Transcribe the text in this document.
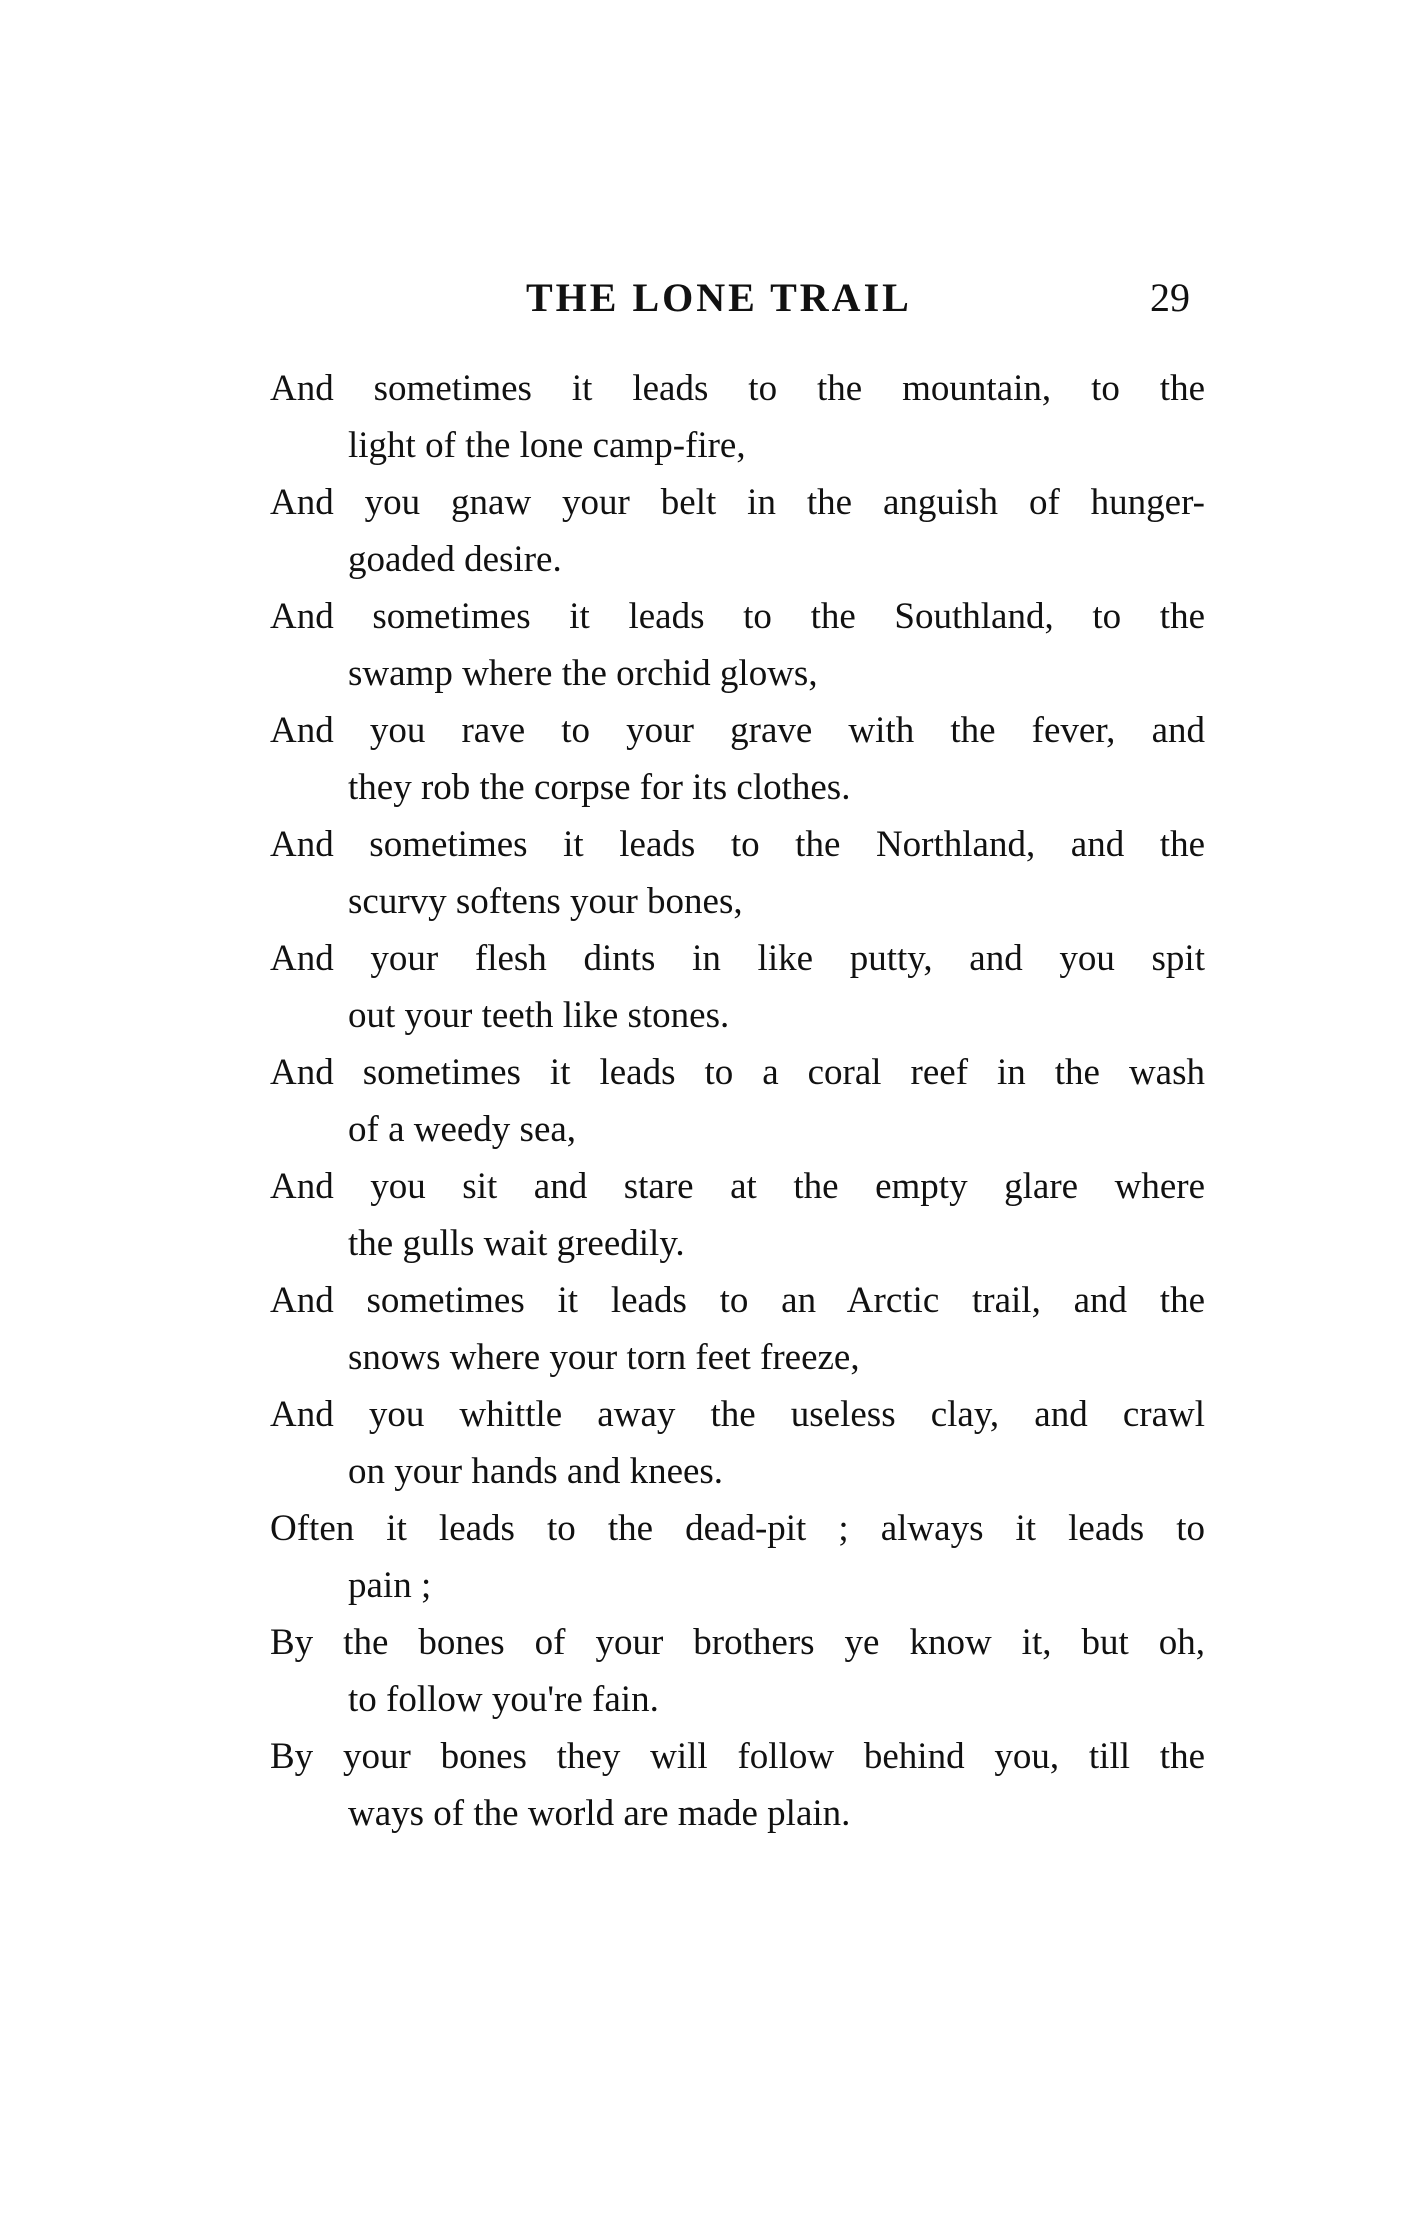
THE LONE TRAIL	29

And sometimes it leads to the mountain, to the

light of the lone camp-fire,

And you gnaw your belt in the anguish of hunger-

goaded desire.

And sometimes it leads to the Southland, to the

swamp where the orchid glows,

And you rave to your grave with the fever, and

they rob the corpse for its clothes.

And sometimes it leads to the Northland, and the

scurvy softens your bones,

And your flesh dints in like putty, and you spit

out your teeth like stones.

And sometimes it leads to a coral reef in the wash

of a weedy sea,

And you sit and stare at the empty glare where

the gulls wait greedily.

And sometimes it leads to an Arctic trail, and the

snows where your torn feet freeze,

And you whittle away the useless clay, and crawl

on your hands and knees.

Often it leads to the dead-pit ; always it leads to

pain ;

By the bones of your brothers ye know it, but oh,

to follow you're fain.

By your bones they will follow behind you, till the

ways of the world are made plain.
